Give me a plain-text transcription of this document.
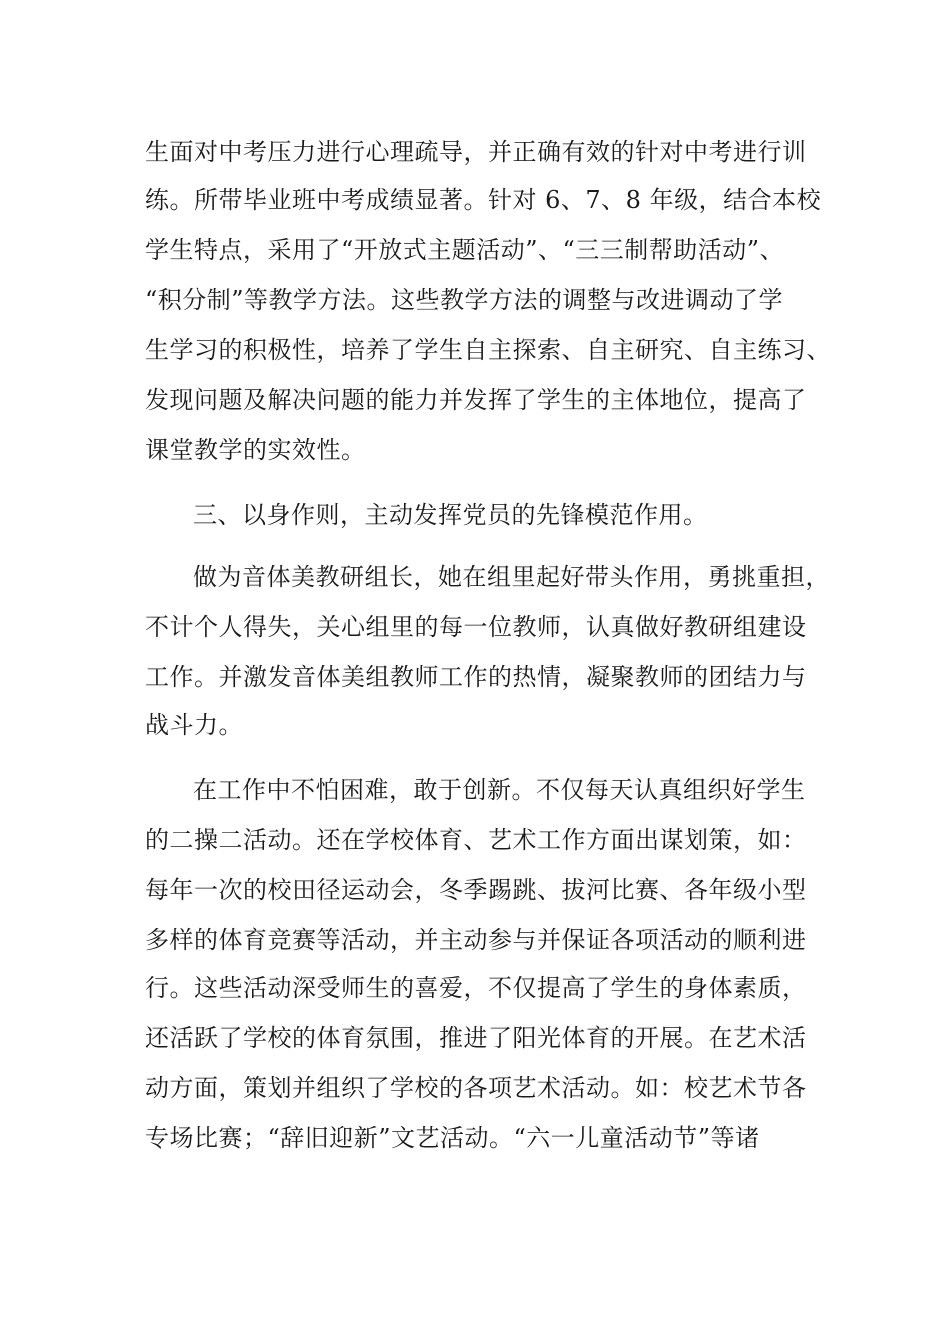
生面对中考压力进行心理疏导，并正确有效的针对中考进行训
练。所带毕业班中考成绩显著。针对 6、7、8 年级，结合本校
学生特点，采用了“开放式主题活动”、“三三制帮助活动”、
“积分制”等教学方法。这些教学方法的调整与改进调动了学
生学习的积极性，培养了学生自主探索、自主研究、自主练习、
发现问题及解决问题的能力并发挥了学生的主体地位，提高了
课堂教学的实效性。
三、以身作则，主动发挥党员的先锋模范作用。
做为音体美教研组长，她在组里起好带头作用，勇挑重担，
不计个人得失，关心组里的每一位教师，认真做好教研组建设
工作。并激发音体美组教师工作的热情，凝聚教师的团结力与
战斗力。
在工作中不怕困难，敢于创新。不仅每天认真组织好学生
的二操二活动。还在学校体育、艺术工作方面出谋划策，如：
每年一次的校田径运动会，冬季踢跳、拔河比赛、各年级小型
多样的体育竞赛等活动，并主动参与并保证各项活动的顺利进
行。这些活动深受师生的喜爱，不仅提高了学生的身体素质，
还活跃了学校的体育氛围，推进了阳光体育的开展。在艺术活
动方面，策划并组织了学校的各项艺术活动。如：校艺术节各
专场比赛；“辞旧迎新”文艺活动。“六一儿童活动节”等诸
